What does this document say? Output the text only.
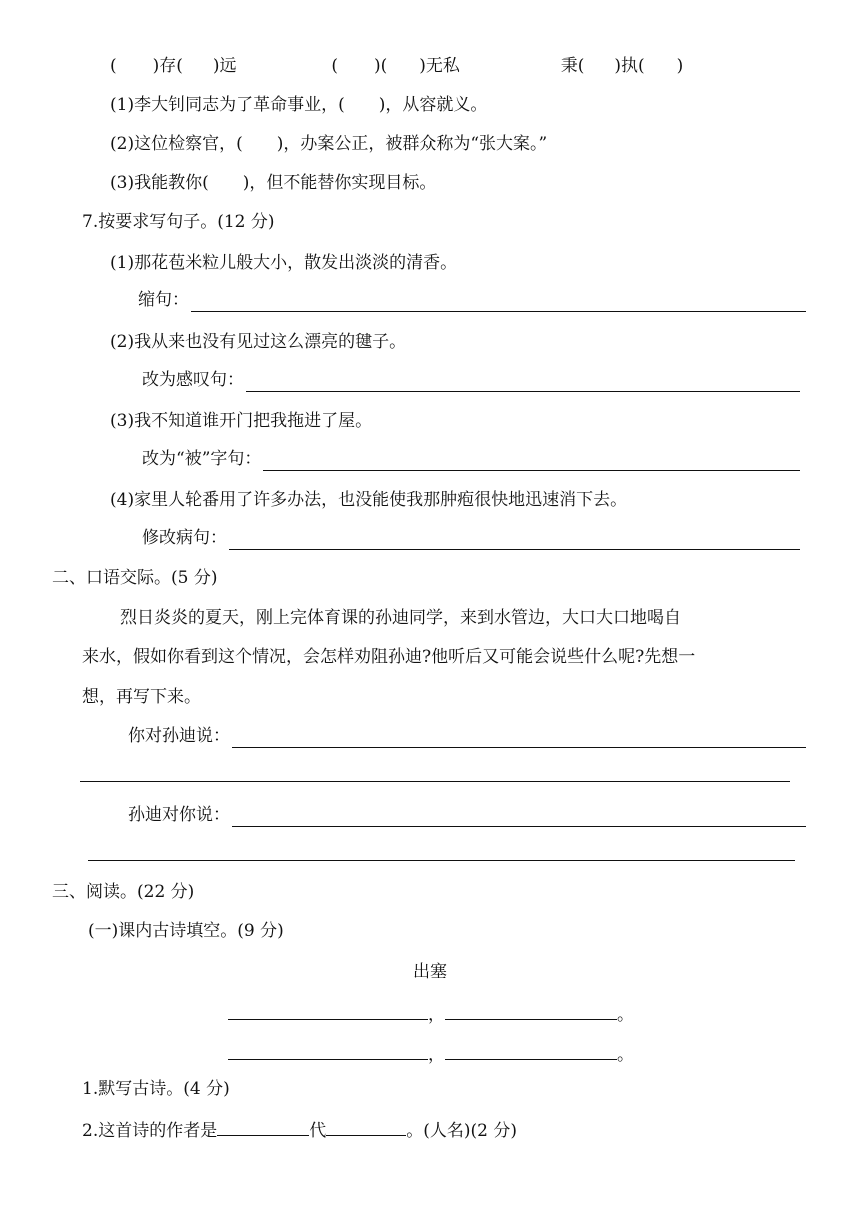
( )存( )远	( )( )无私	秉( )执( )
(1)李大钊同志为了革命事业，(　　)，从容就义。
(2)这位检察官，(　　)，办案公正，被群众称为“张大案。”
(3)我能教你(　　)，但不能替你实现目标。
7.按要求写句子。(12 分)
(1)那花苞米粒儿般大小，散发出淡淡的清香。
缩句：
(2)我从来也没有见过这么漂亮的毽子。
改为感叹句：
(3)我不知道谁开门把我拖进了屋。
改为“被”字句：
(4)家里人轮番用了许多办法，也没能使我那肿疱很快地迅速消下去。
修改病句：
二、口语交际。(5 分)
烈日炎炎的夏天，刚上完体育课的孙迪同学，来到水管边，大口大口地喝自
来水，假如你看到这个情况，会怎样劝阻孙迪?他听后又可能会说些什么呢?先想一
想，再写下来。
你对孙迪说：
孙迪对你说：
三、阅读。(22 分)
(一)课内古诗填空。(9 分)
出塞
，	。
，	。
1.默写古诗。(4 分)
2.这首诗的作者是	代	。(人名)(2 分)
